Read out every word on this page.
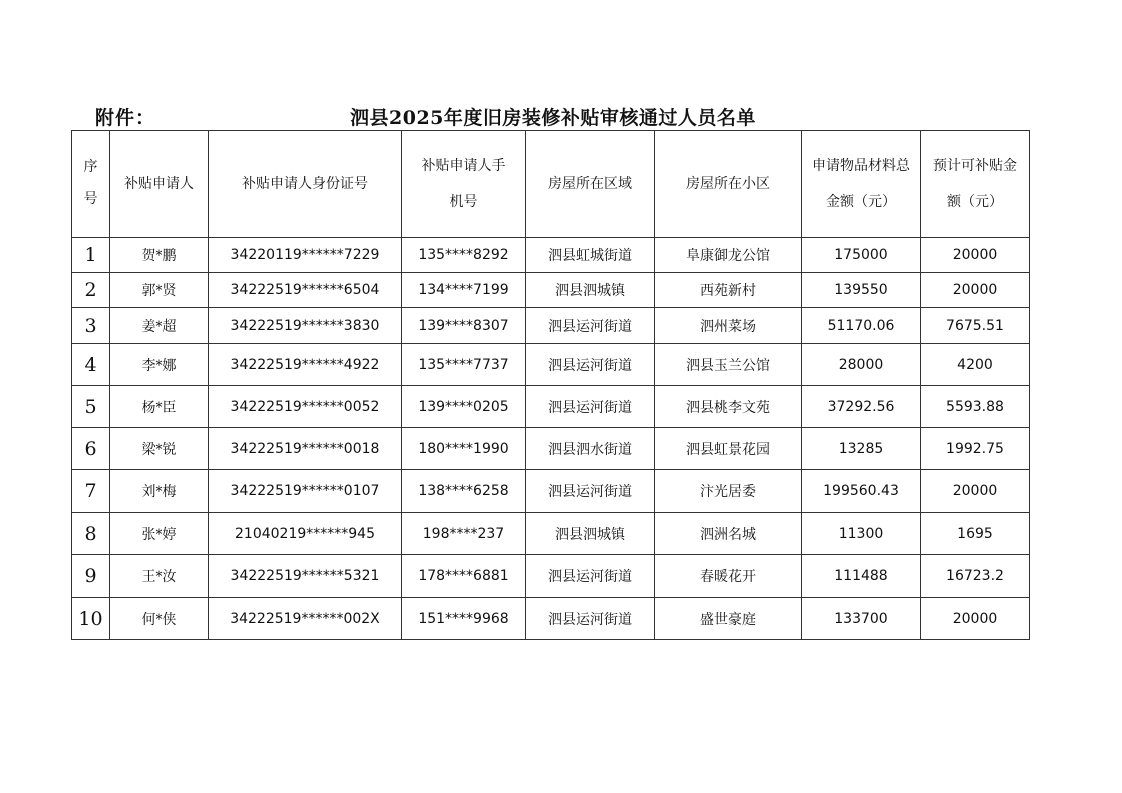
附件：	泗县2025年度旧房装修补贴审核通过人员名单
序号	补贴申请人	补贴申请人身份证号	补贴申请人手机号	房屋所在区域	房屋所在小区	申请物品材料总金额（元）	预计可补贴金额（元）
1	贺*鹏	34220119******7229	135****8292	泗县虹城街道	阜康御龙公馆	175000	20000
2	郭*贤	34222519******6504	134****7199	泗县泗城镇	西苑新村	139550	20000
3	姜*超	34222519******3830	139****8307	泗县运河街道	泗州菜场	51170.06	7675.51
4	李*娜	34222519******4922	135****7737	泗县运河街道	泗县玉兰公馆	28000	4200
5	杨*臣	34222519******0052	139****0205	泗县运河街道	泗县桃李文苑	37292.56	5593.88
6	梁*锐	34222519******0018	180****1990	泗县泗水街道	泗县虹景花园	13285	1992.75
7	刘*梅	34222519******0107	138****6258	泗县运河街道	汴光居委	199560.43	20000
8	张*婷	21040219******945	198****237	泗县泗城镇	泗洲名城	11300	1695
9	王*汝	34222519******5321	178****6881	泗县运河街道	春暖花开	111488	16723.2
10	何*侠	34222519******002X	151****9968	泗县运河街道	盛世豪庭	133700	20000
